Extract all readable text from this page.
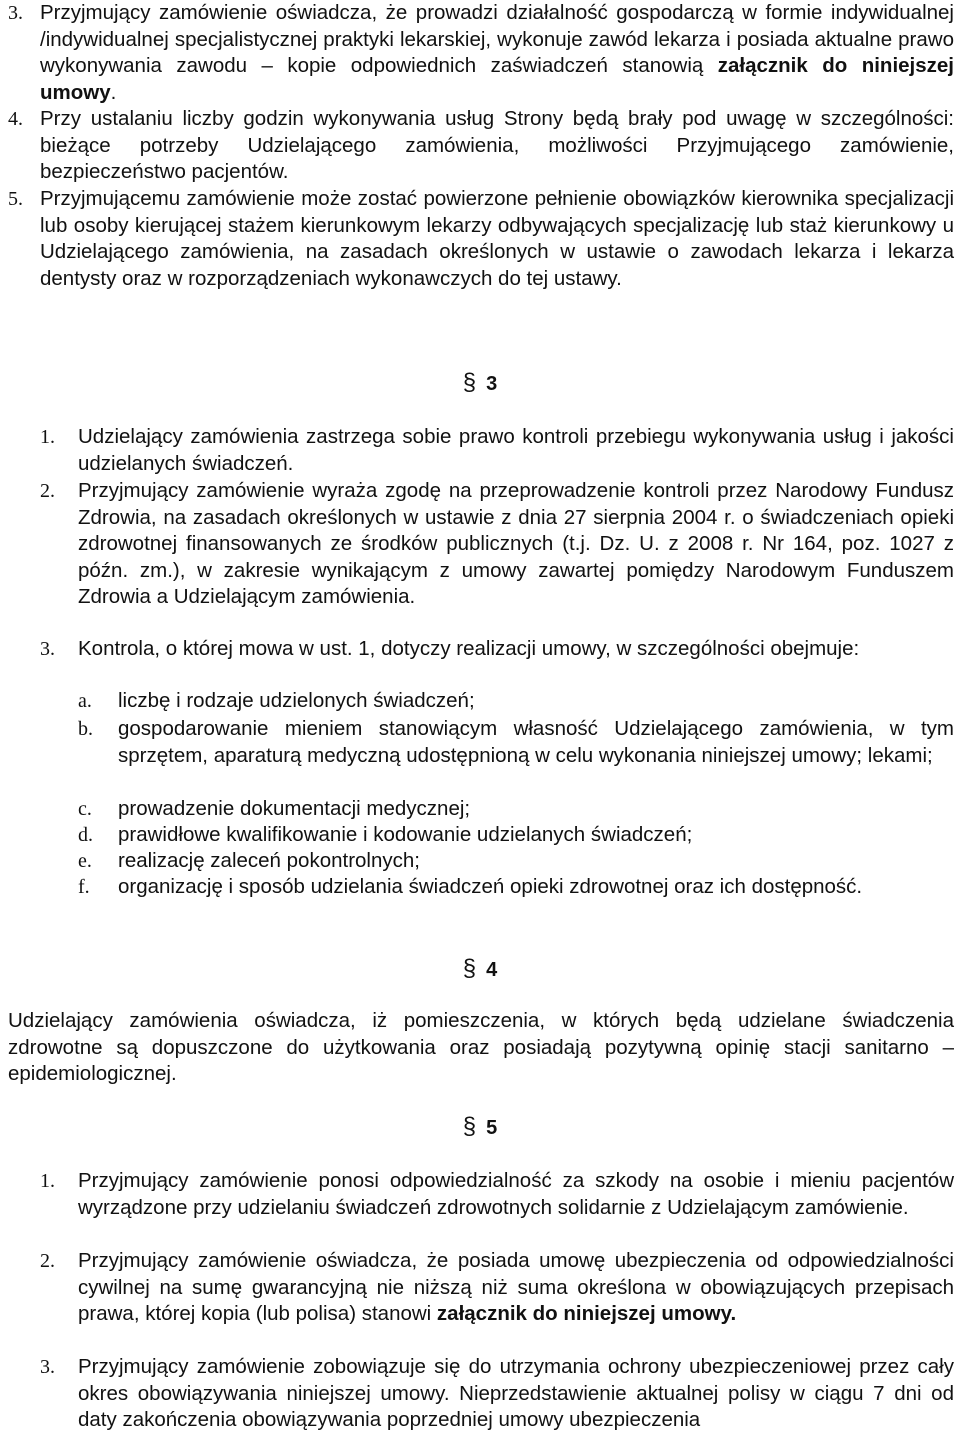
3. Przyjmujący zamówienie oświadcza, że prowadzi działalność gospodarczą w formie indywidualnej /indywidualnej specjalistycznej praktyki lekarskiej, wykonuje zawód lekarza i posiada aktualne prawo wykonywania zawodu – kopie odpowiednich zaświadczeń stanowią załącznik do niniejszej umowy.
4. Przy ustalaniu liczby godzin wykonywania usług Strony będą brały pod uwagę w szczególności: bieżące potrzeby Udzielającego zamówienia, możliwości Przyjmującego zamówienie, bezpieczeństwo pacjentów.
5. Przyjmującemu zamówienie może zostać powierzone pełnienie obowiązków kierownika specjalizacji lub osoby kierującej stażem kierunkowym lekarzy odbywających specjalizację lub staż kierunkowy u Udzielającego zamówienia, na zasadach określonych w ustawie o zawodach lekarza i lekarza dentysty oraz w rozporządzeniach wykonawczych do tej ustawy.
§ 3
1. Udzielający zamówienia zastrzega sobie prawo kontroli przebiegu wykonywania usług i jakości udzielanych świadczeń.
2. Przyjmujący zamówienie wyraża zgodę na przeprowadzenie kontroli przez Narodowy Fundusz Zdrowia, na zasadach określonych w ustawie z dnia 27 sierpnia 2004 r. o świadczeniach opieki zdrowotnej finansowanych ze środków publicznych (t.j. Dz. U. z 2008 r. Nr 164, poz. 1027 z późn. zm.), w zakresie wynikającym z umowy zawartej pomiędzy Narodowym Funduszem Zdrowia a Udzielającym zamówienia.
3. Kontrola, o której mowa w ust. 1, dotyczy realizacji umowy, w szczególności obejmuje:
a. liczbę i rodzaje udzielonych świadczeń;
b. gospodarowanie mieniem stanowiącym własność Udzielającego zamówienia, w tym sprzętem, aparaturą medyczną udostępnioną w celu wykonania niniejszej umowy; lekami;
c. prowadzenie dokumentacji medycznej;
d. prawidłowe kwalifikowanie i kodowanie udzielanych świadczeń;
e. realizację zaleceń pokontrolnych;
f. organizację i sposób udzielania świadczeń opieki zdrowotnej oraz ich dostępność.
§ 4
Udzielający zamówienia oświadcza, iż pomieszczenia, w których będą udzielane świadczenia zdrowotne są dopuszczone do użytkowania oraz posiadają pozytywną opinię stacji sanitarno – epidemiologicznej.
§ 5
1. Przyjmujący zamówienie ponosi odpowiedzialność za szkody na osobie i mieniu pacjentów wyrządzone przy udzielaniu świadczeń zdrowotnych solidarnie z Udzielającym zamówienie.
2. Przyjmujący zamówienie oświadcza, że posiada umowę ubezpieczenia od odpowiedzialności cywilnej na sumę gwarancyjną nie niższą niż suma określona w obowiązujących przepisach prawa, której kopia (lub polisa) stanowi załącznik do niniejszej umowy.
3. Przyjmujący zamówienie zobowiązuje się do utrzymania ochrony ubezpieczeniowej przez cały okres obowiązywania niniejszej umowy. Nieprzedstawienie aktualnej polisy w ciągu 7 dni od daty zakończenia obowiązywania poprzedniej umowy ubezpieczenia
